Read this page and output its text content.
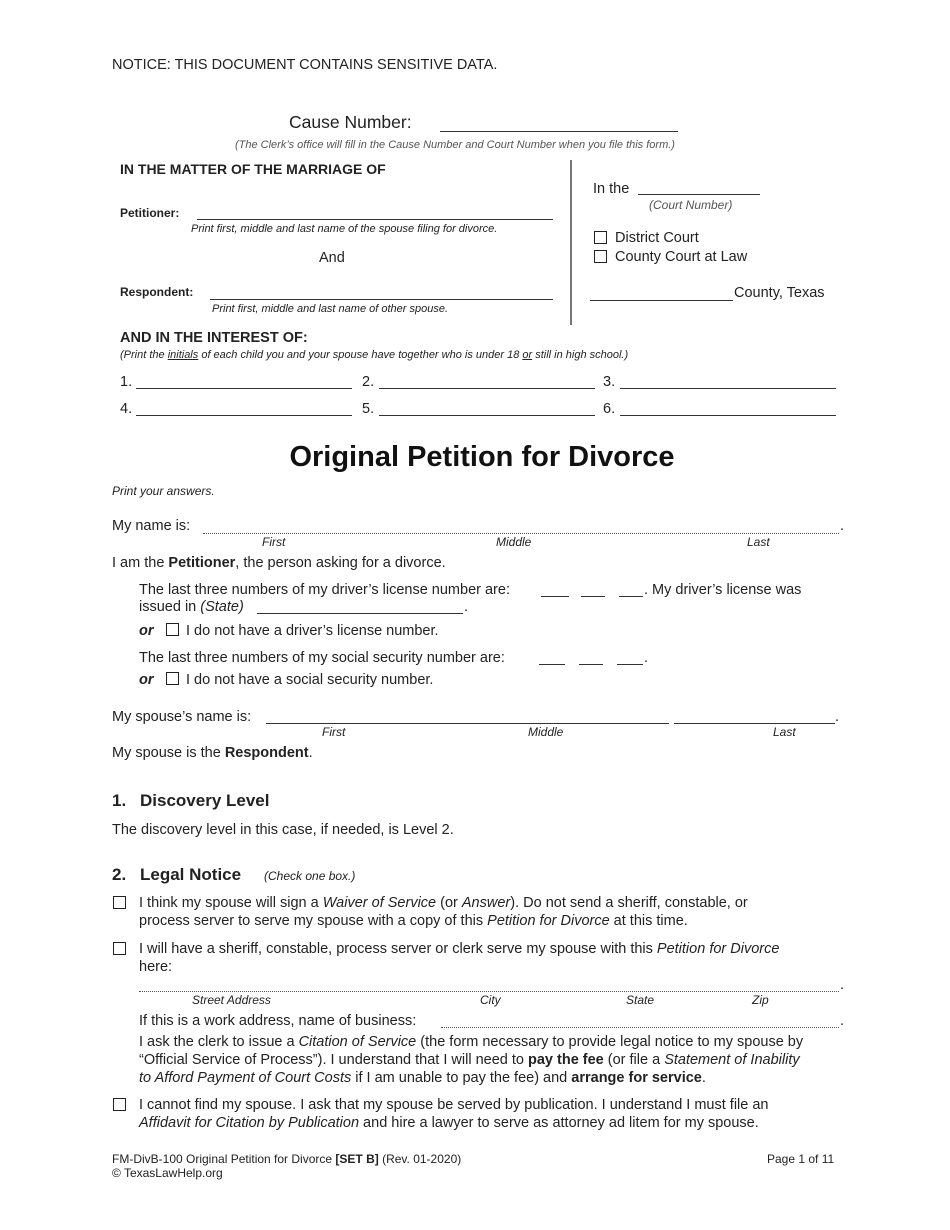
NOTICE: THIS DOCUMENT CONTAINS SENSITIVE DATA.
Cause Number:
(The Clerk’s office will fill in the Cause Number and Court Number when you file this form.)
IN THE MATTER OF THE MARRIAGE OF
Petitioner:
Print first, middle and last name of the spouse filing for divorce.
And
Respondent:
Print first, middle and last name of other spouse.
In the
(Court Number)
District Court
County Court at Law
County, Texas
AND IN THE INTEREST OF:
(Print the initials of each child you and your spouse have together who is under 18 or still in high school.)
1.	2.	3.
4.	5.	6.
Original Petition for Divorce
Print your answers.
My name is:	.
First	Middle	Last
I am the Petitioner, the person asking for a divorce.
The last three numbers of my driver’s license number are:	. My driver’s license was
issued in (State)	.
or I do not have a driver’s license number.
The last three numbers of my social security number are:	.
or I do not have a social security number.
My spouse’s name is:	.
First	Middle	Last
My spouse is the Respondent.
1. Discovery Level
The discovery level in this case, if needed, is Level 2.
2. Legal Notice (Check one box.)
I think my spouse will sign a Waiver of Service (or Answer). Do not send a sheriff, constable, or
process server to serve my spouse with a copy of this Petition for Divorce at this time.
I will have a sheriff, constable, process server or clerk serve my spouse with this Petition for Divorce
here:
.
Street Address	City	State	Zip
If this is a work address, name of business:	.
I ask the clerk to issue a Citation of Service (the form necessary to provide legal notice to my spouse by
“Official Service of Process”). I understand that I will need to pay the fee (or file a Statement of Inability
to Afford Payment of Court Costs if I am unable to pay the fee) and arrange for service.
I cannot find my spouse. I ask that my spouse be served by publication. I understand I must file an
Affidavit for Citation by Publication and hire a lawyer to serve as attorney ad litem for my spouse.
FM-DivB-100 Original Petition for Divorce [SET B] (Rev. 01-2020)
© TexasLawHelp.org
Page 1 of 11
